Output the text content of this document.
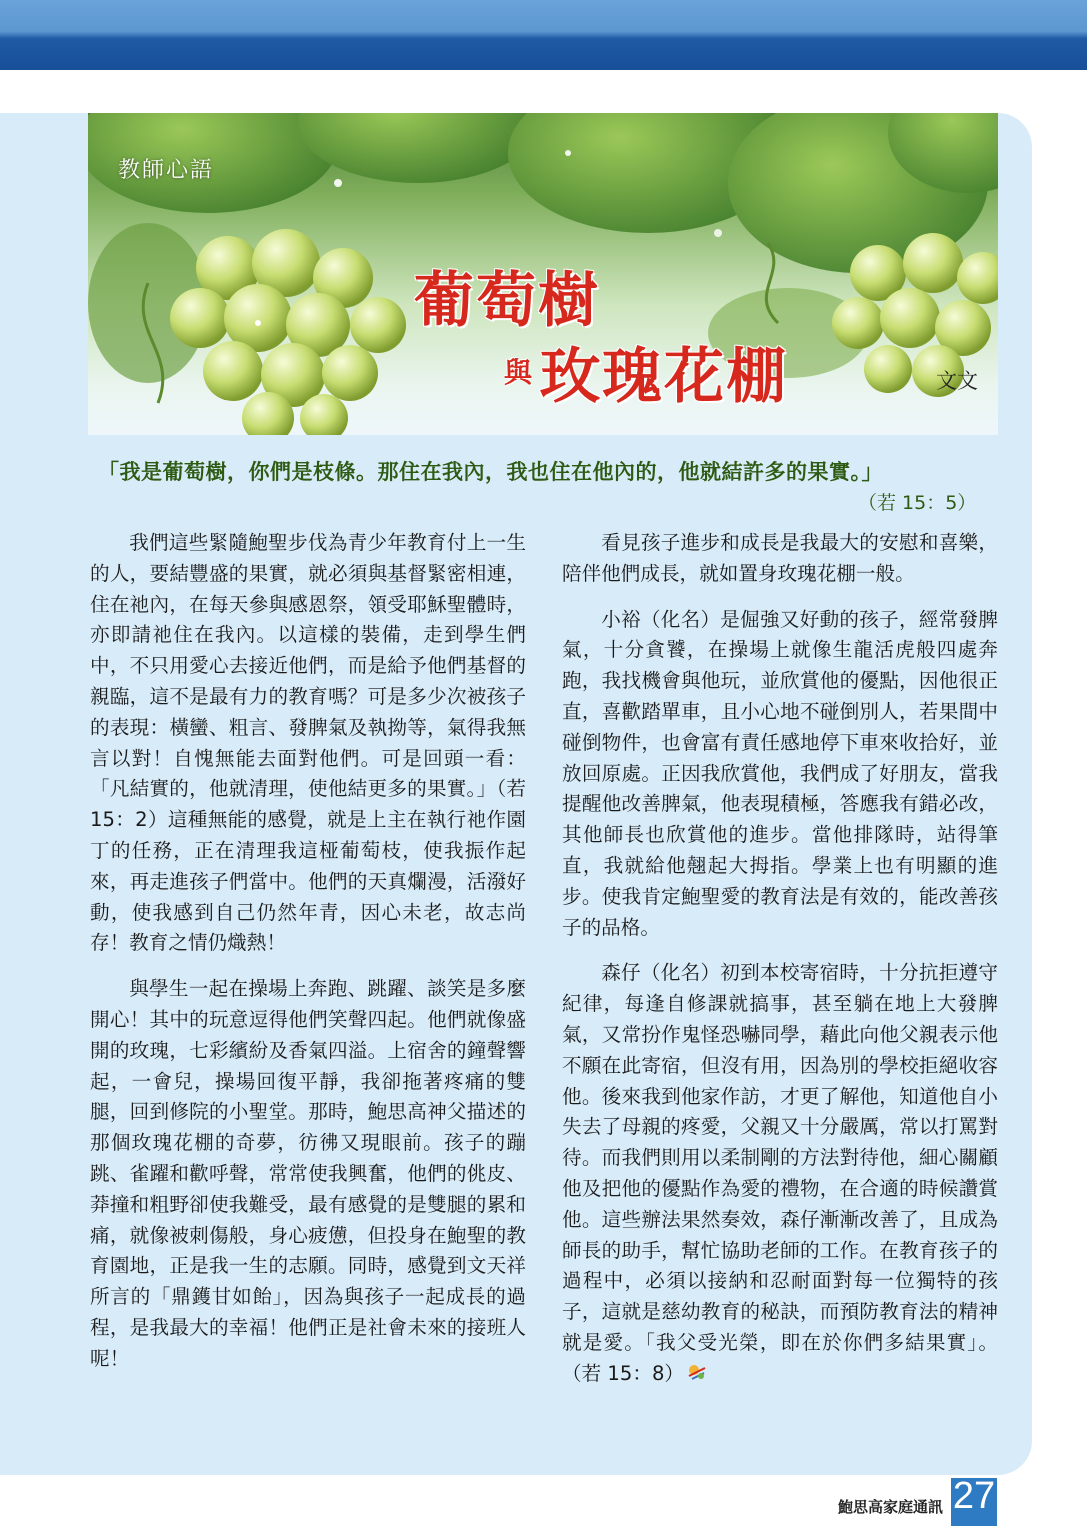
教師心語
葡萄樹
與 玫瑰花棚	文文
「我是葡萄樹，你們是枝條。那住在我內，我也住在他內的，他就結許多的果實。」
（若 15：5）

我們這些緊隨鮑聖步伐為青少年教育付上一生的人，要結豐盛的果實，就必須與基督緊密相連，住在祂內，在每天參與感恩祭，領受耶穌聖體時，亦即請祂住在我內。以這樣的裝備，走到學生們中，不只用愛心去接近他們，而是給予他們基督的親臨，這不是最有力的教育嗎？可是多少次被孩子的表現：橫蠻、粗言、發脾氣及執拗等，氣得我無言以對！自愧無能去面對他們。可是回頭一看：「凡結實的，他就清理，使他結更多的果實。」（若 15：2）這種無能的感覺，就是上主在執行祂作園丁的任務，正在清理我這桠葡萄枝，使我振作起來，再走進孩子們當中。他們的天真爛漫，活潑好動，使我感到自己仍然年青，因心未老，故志尚存！教育之情仍熾熱！

與學生一起在操場上奔跑、跳躍、談笑是多麼開心！其中的玩意逗得他們笑聲四起。他們就像盛開的玫瑰，七彩繽紛及香氣四溢。上宿舍的鐘聲響起，一會兒，操場回復平靜，我卻拖著疼痛的雙腿，回到修院的小聖堂。那時，鮑思高神父描述的那個玫瑰花棚的奇夢，彷彿又現眼前。孩子的蹦跳、雀躍和歡呼聲，常常使我興奮，他們的佻皮、莽撞和粗野卻使我難受，最有感覺的是雙腿的累和痛，就像被刺傷般，身心疲憊，但投身在鮑聖的教育園地，正是我一生的志願。同時，感覺到文天祥所言的「鼎鑊甘如飴」，因為與孩子一起成長的過程，是我最大的幸福！他們正是社會未來的接班人呢！

看見孩子進步和成長是我最大的安慰和喜樂，陪伴他們成長，就如置身玫瑰花棚一般。

小裕（化名）是倔強又好動的孩子，經常發脾氣，十分貪饕，在操場上就像生龍活虎般四處奔跑，我找機會與他玩，並欣賞他的優點，因他很正直，喜歡踏單車，且小心地不碰倒別人，若果間中碰倒物件，也會富有責任感地停下車來收拾好，並放回原處。正因我欣賞他，我們成了好朋友，當我提醒他改善脾氣，他表現積極，答應我有錯必改，其他師長也欣賞他的進步。當他排隊時，站得筆直，我就給他翹起大拇指。學業上也有明顯的進步。使我肯定鮑聖愛的教育法是有效的，能改善孩子的品格。

森仔（化名）初到本校寄宿時，十分抗拒遵守紀律，每逢自修課就搞事，甚至躺在地上大發脾氣，又常扮作鬼怪恐嚇同學，藉此向他父親表示他不願在此寄宿，但沒有用，因為別的學校拒絕收容他。後來我到他家作訪，才更了解他，知道他自小失去了母親的疼愛，父親又十分嚴厲，常以打罵對待。而我們則用以柔制剛的方法對待他，細心關顧他及把他的優點作為愛的禮物，在合適的時候讚賞他。這些辦法果然奏效，森仔漸漸改善了，且成為師長的助手，幫忙協助老師的工作。在教育孩子的過程中，必須以接納和忍耐面對每一位獨特的孩子，這就是慈幼教育的秘訣，而預防教育法的精神就是愛。「我父受光榮，即在於你們多結果實」。（若 15：8）

鮑思高家庭通訊 27
